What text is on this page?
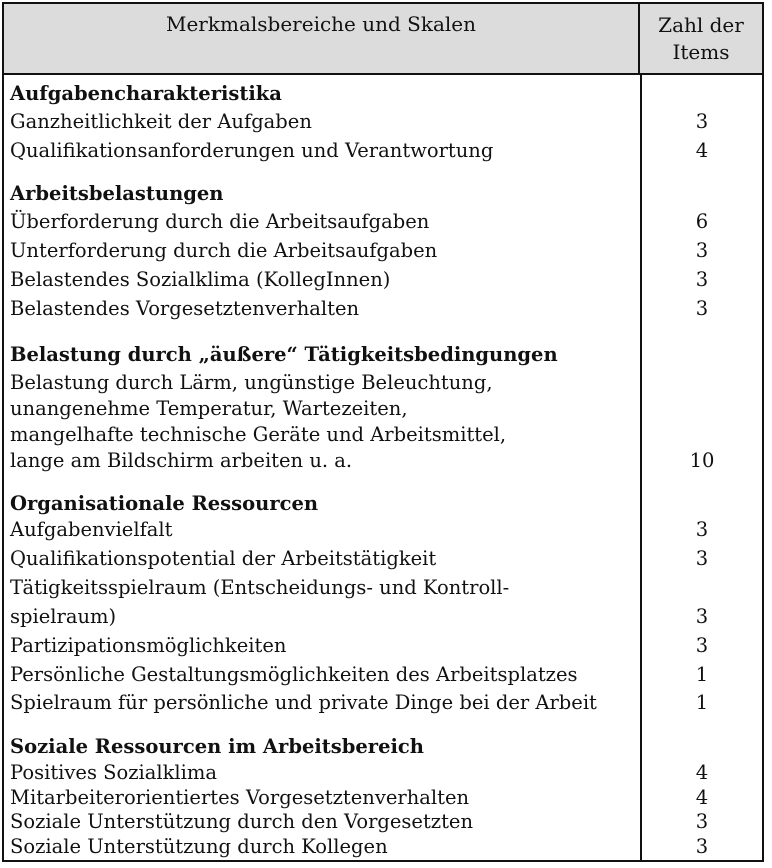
Merkmalsbereiche und Skalen	Zahl der
Items
Aufgabencharakteristika
Ganzheitlichkeit der Aufgaben	3
Qualifikationsanforderungen und Verantwortung	4
Arbeitsbelastungen
Überforderung durch die Arbeitsaufgaben	6
Unterforderung durch die Arbeitsaufgaben	3
Belastendes Sozialklima (KollegInnen)	3
Belastendes Vorgesetztenverhalten	3
Belastung durch „äußere“ Tätigkeitsbedingungen
Belastung durch Lärm, ungünstige Beleuchtung,
unangenehme Temperatur, Wartezeiten,
mangelhafte technische Geräte und Arbeitsmittel,
lange am Bildschirm arbeiten u. a.	10
Organisationale Ressourcen
Aufgabenvielfalt	3
Qualifikationspotential der Arbeitstätigkeit	3
Tätigkeitsspielraum (Entscheidungs- und Kontroll-
spielraum)	3
Partizipationsmöglichkeiten	3
Persönliche Gestaltungsmöglichkeiten des Arbeitsplatzes	1
Spielraum für persönliche und private Dinge bei der Arbeit	1
Soziale Ressourcen im Arbeitsbereich
Positives Sozialklima	4
Mitarbeiterorientiertes Vorgesetztenverhalten	4
Soziale Unterstützung durch den Vorgesetzten	3
Soziale Unterstützung durch Kollegen	3
